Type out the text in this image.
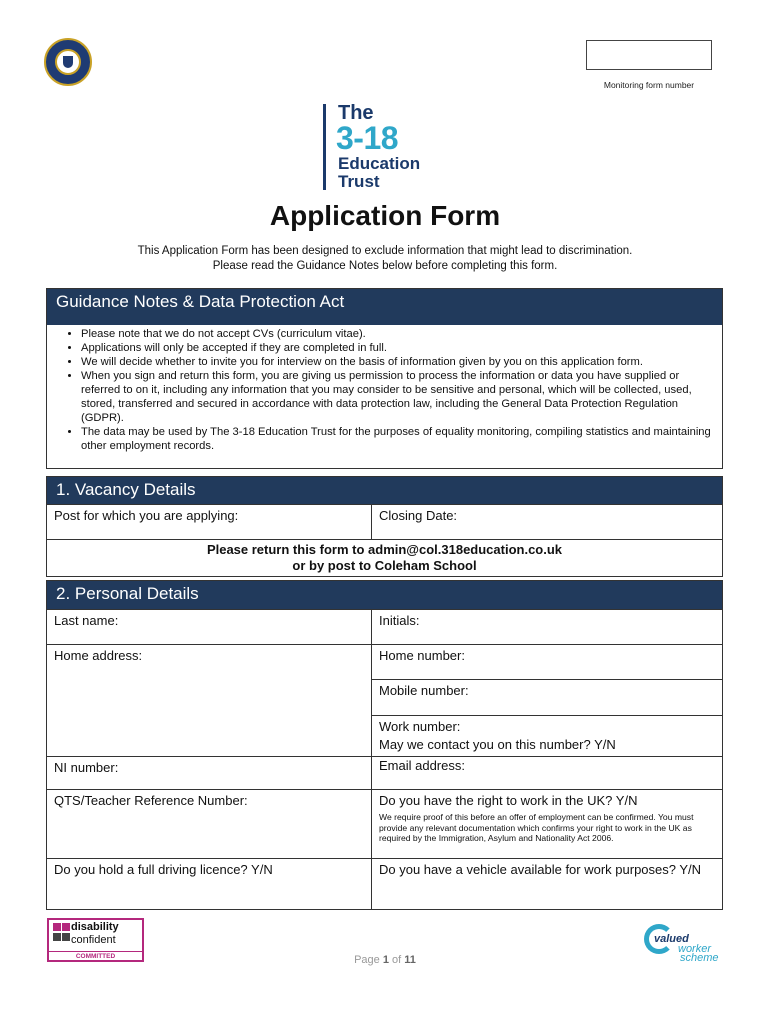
Monitoring form number
The
3-18
Education
Trust
Application Form
This Application Form has been designed to exclude information that might lead to discrimination.
Please read the Guidance Notes below before completing this form.
Guidance Notes & Data Protection Act
• Please note that we do not accept CVs (curriculum vitae).
• Applications will only be accepted if they are completed in full.
• We will decide whether to invite you for interview on the basis of information given by you on this application form.
• When you sign and return this form, you are giving us permission to process the information or data you have supplied or referred to on it, including any information that you may consider to be sensitive and personal, which will be collected, used, stored, transferred and secured in accordance with data protection law, including the General Data Protection Regulation (GDPR).
• The data may be used by The 3-18 Education Trust for the purposes of equality monitoring, compiling statistics and maintaining other employment records.
1. Vacancy Details
Post for which you are applying:	Closing Date:
Please return this form to admin@col.318education.co.uk
or by post to Coleham School
2. Personal Details
Last name:	Initials:
Home address:	Home number:
Mobile number:
Work number:
May we contact you on this number? Y/N
NI number:	Email address:
QTS/Teacher Reference Number:	Do you have the right to work in the UK? Y/N
We require proof of this before an offer of employment can be confirmed. You must provide any relevant documentation which confirms your right to work in the UK as required by the Immigration, Asylum and Nationality Act 2006.
Do you hold a full driving licence? Y/N	Do you have a vehicle available for work purposes? Y/N
disability
confident
COMMITTED	Page 1 of 11
valued
worker
scheme
